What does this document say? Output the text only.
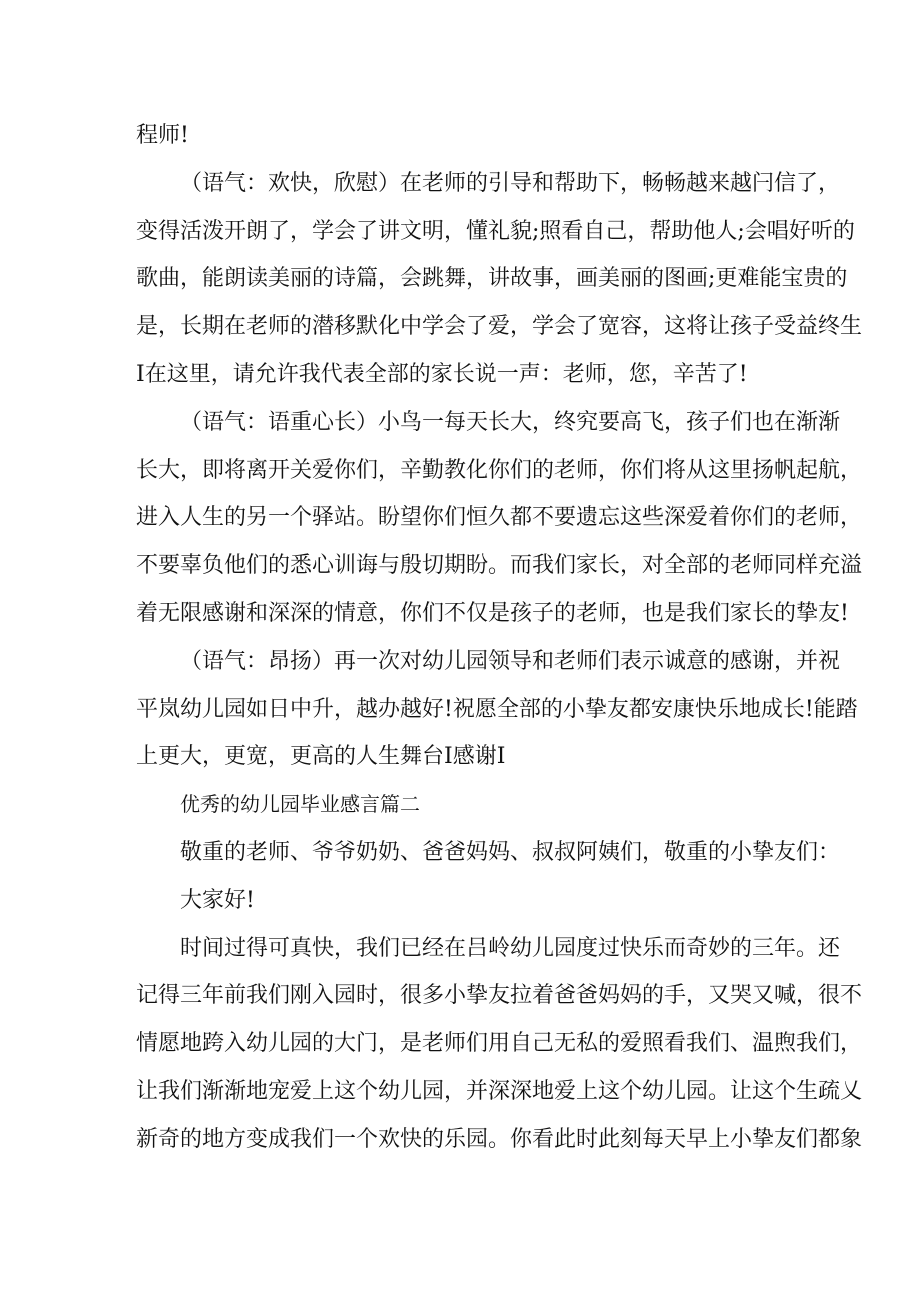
程师!
（语气：欢快，欣慰）在老师的引导和帮助下，畅畅越来越闩信了，
变得活泼开朗了，学会了讲文明，懂礼貌;照看自己，帮助他人;会唱好听的
歌曲，能朗读美丽的诗篇，会跳舞，讲故事，画美丽的图画;更难能宝贵的
是，长期在老师的潜移默化中学会了爱，学会了宽容，这将让孩子受益终生
Ⅰ在这里，请允许我代表全部的家长说一声：老师，您，辛苦了!
（语气：语重心长）小鸟一每天长大，终究要高飞，孩子们也在渐渐
长大，即将离开关爱你们，辛勤教化你们的老师，你们将从这里扬帆起航，
进入人生的另一个驿站。盼望你们恒久都不要遗忘这些深爱着你们的老师，
不要辜负他们的悉心训诲与殷切期盼。而我们家长，对全部的老师同样充溢
着无限感谢和深深的情意，你们不仅是孩子的老师，也是我们家长的挚友!
（语气：昂扬）再一次对幼儿园领导和老师们表示诚意的感谢，并祝
平岚幼儿园如日中升，越办越好!祝愿全部的小挚友都安康快乐地成长!能踏
上更大，更宽，更高的人生舞台Ⅰ感谢Ⅰ
优秀的幼儿园毕业感言篇二
敬重的老师、爷爷奶奶、爸爸妈妈、叔叔阿姨们，敬重的小挚友们：
大家好!
时间过得可真快，我们已经在吕岭幼儿园度过快乐而奇妙的三年。还
记得三年前我们刚入园时，很多小挚友拉着爸爸妈妈的手，又哭又喊，很不
情愿地跨入幼儿园的大门，是老师们用自己无私的爱照看我们、温煦我们，
让我们渐渐地宠爱上这个幼儿园，并深深地爱上这个幼儿园。让这个生疏乂
新奇的地方变成我们一个欢快的乐园。你看此时此刻每天早上小挚友们都象
